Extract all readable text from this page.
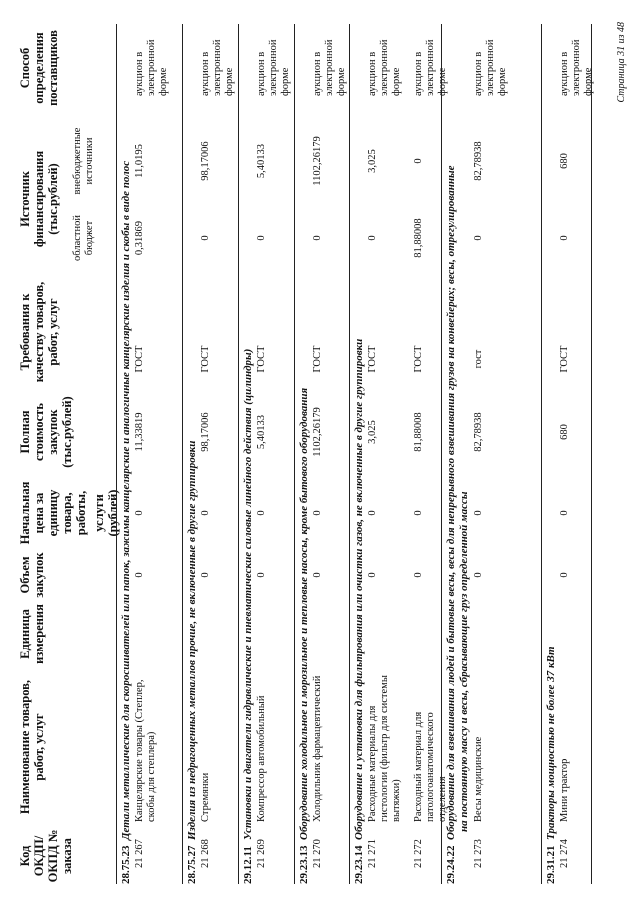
Код ОКДП/ ОКПД № заказа
Наименование товаров, работ, услуг
Единица измерения
Объем закупок
Начальная цена за единицу товара, работы, услуги (рублей)
Полная стоимость закупок (тыс.рублей)
Требования к качеству товаров, работ, услуг
Источник финансирования (тыс.рублей)
областной бюджет
внебюджетные источники
Способ определения поставщиков
28.75.23Детали металлические для скоросшивателей или папок, зажимы канцелярские и аналогичные канцелярские изделия и скобы в виде полос
21 267
Канцелярские товары (Степлер, скобы для степлера)
0
0
11,33819
ГОСТ
0,31869
11,0195
аукцион в электронной форме
28.75.27Изделия из недрагоценных металлов прочие, не включенные в другие группировки
21 268
Стремянки
0
0
98,17006
ГОСТ
0
98,17006
аукцион в электронной форме
29.12.11Установки и двигатели гидравлические и пневматические силовые линейного действия (цилиндры)
21 269
Компрессор автомобильный
0
0
5,40133
ГОСТ
0
5,40133
аукцион в электронной форме
29.23.13Оборудование холодильное и морозильное и тепловые насосы, кроме бытового оборудования
21 270
Холодильник фармацевтический
0
0
1102,26179
ГОСТ
0
1102,26179
аукцион в электронной форме
29.23.14Оборудование и установки для фильтрования или очистки газов, не включенные в другие группировки
21 271
Расходные материалы для гистологии (фильтр для системы вытяжки)
0
0
3,025
ГОСТ
0
3,025
аукцион в электронной форме
21 272
Расходный материал для патологоанатомического отделения
0
0
81,88008
ГОСТ
81,88008
0
аукцион в электронной форме
29.24.22Оборудование для взвешивания людей и бытовые весы, весы для непрерывного взвешивания грузов на конвейерах; весы, отрегулированные на постоянную массу и весы, сбрасывающие груз определенной массы
21 273
Весы медицинские
0
0
82,78938
гост
0
82,78938
аукцион в электронной форме
29.31.21Тракторы мощностью не более 37 кВт
21 274
Мини трактор
0
0
680
ГОСТ
0
680
аукцион в электронной форме Страница 31 из 48
